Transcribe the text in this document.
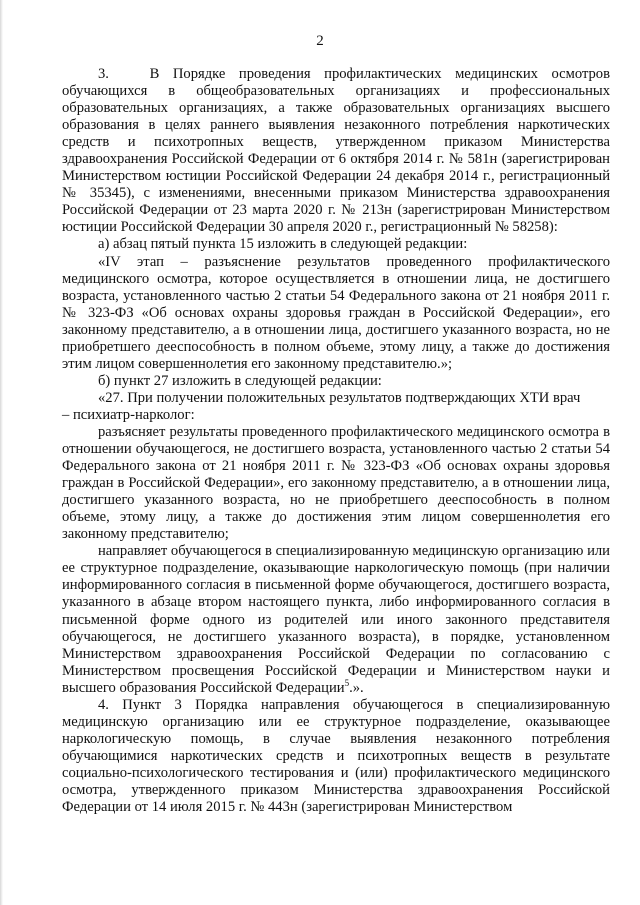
2

3.   В Порядке проведения профилактических медицинских осмотров обучающихся в общеобразовательных организациях и профессиональных образовательных организациях, а также образовательных организациях высшего образования в целях раннего выявления незаконного потребления наркотических средств и психотропных веществ, утвержденном приказом Министерства здравоохранения Российской Федерации от 6 октября 2014 г. № 581н (зарегистрирован Министерством юстиции Российской Федерации 24 декабря 2014 г., регистрационный № 35345), с изменениями, внесенными приказом Министерства здравоохранения Российской Федерации от 23 марта 2020 г. № 213н (зарегистрирован Министерством юстиции Российской Федерации 30 апреля 2020 г., регистрационный № 58258):

а) абзац пятый пункта 15 изложить в следующей редакции:

«IV этап – разъяснение результатов проведенного профилактического медицинского осмотра, которое осуществляется в отношении лица, не достигшего возраста, установленного частью 2 статьи 54 Федерального закона от 21 ноября 2011 г. № 323-ФЗ «Об основах охраны здоровья граждан в Российской Федерации», его законному представителю, а в отношении лица, достигшего указанного возраста, но не приобретшего дееспособность в полном объеме, этому лицу, а также до достижения этим лицом совершеннолетия его законному представителю.»;

б) пункт 27 изложить в следующей редакции:

«27. При получении положительных результатов подтверждающих ХТИ врач

– психиатр-нарколог:

разъясняет результаты проведенного профилактического медицинского осмотра в отношении обучающегося, не достигшего возраста, установленного частью 2 статьи 54 Федерального закона от 21 ноября 2011 г. № 323-ФЗ «Об основах охраны здоровья граждан в Российской Федерации», его законному представителю, а в отношении лица, достигшего указанного возраста, но не приобретшего дееспособность в полном объеме, этому лицу, а также до достижения этим лицом совершеннолетия его законному представителю;

направляет обучающегося в специализированную медицинскую организацию или ее структурное подразделение, оказывающие наркологическую помощь (при наличии информированного согласия в письменной форме обучающегося, достигшего возраста, указанного в абзаце втором настоящего пункта, либо информированного согласия в письменной форме одного из родителей или иного законного представителя обучающегося, не достигшего указанного возраста), в порядке, установленном Министерством здравоохранения Российской Федерации по согласованию с Министерством просвещения Российской Федерации и Министерством науки и высшего образования Российской Федерации$^5$.».

4. Пункт 3 Порядка направления обучающегося в специализированную медицинскую организацию или ее структурное подразделение, оказывающее наркологическую помощь, в случае выявления незаконного потребления обучающимися наркотических средств и психотропных веществ в результате социально-психологического тестирования и (или) профилактического медицинского осмотра, утвержденного приказом Министерства здравоохранения Российской Федерации от 14 июля 2015 г. № 443н (зарегистрирован Министерством
